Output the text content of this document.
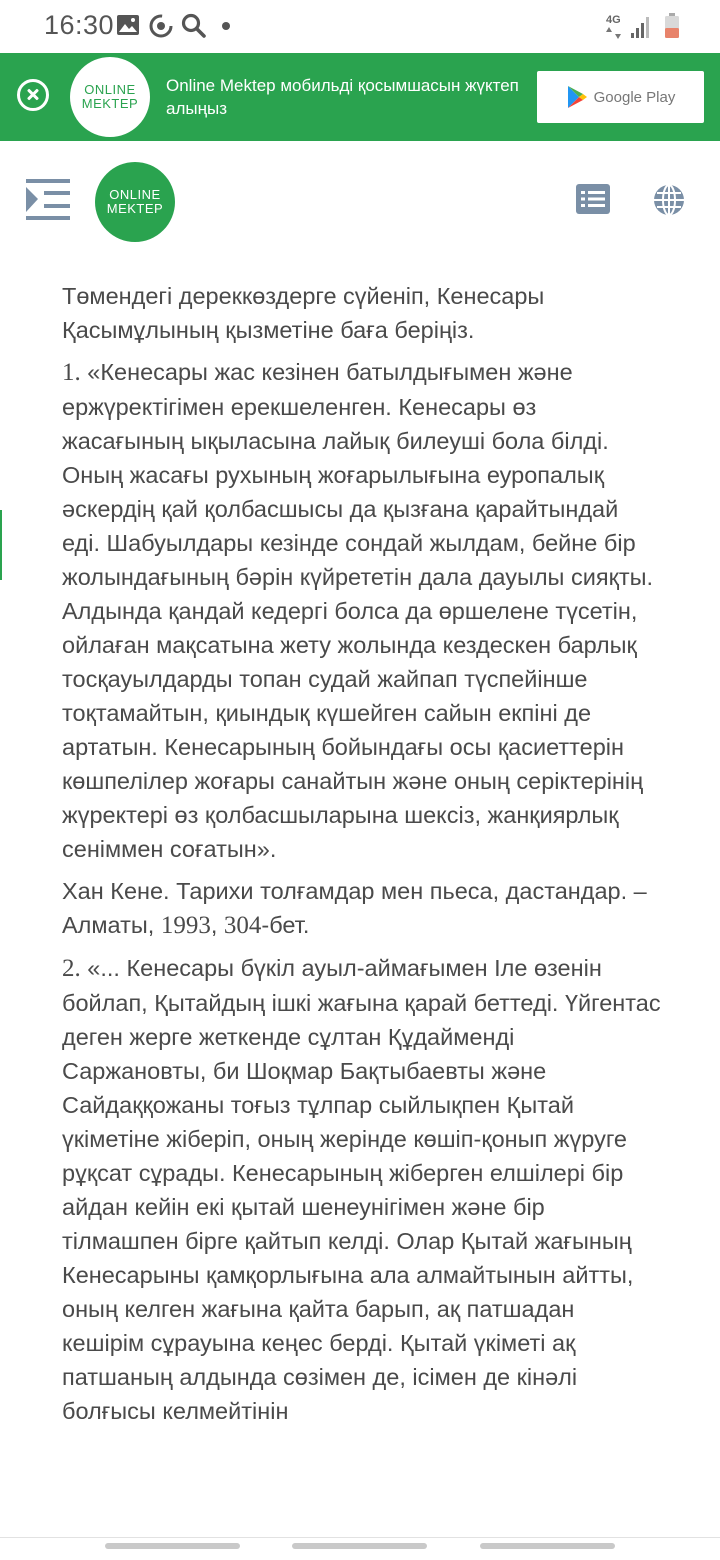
16:30	4G
ONLINE
MEKTEP
Online Mektep мобильді қосымшасын жүктеп алыңыз
Google Play
ONLINE
MEKTEP

Төмендегі дереккөздерге сүйеніп, Кенесары Қасымұлының қызметіне баға беріңіз.

1. «Кенесары жас кезінен батылдығымен және ержүректігімен ерекшеленген. Кенесары өз жасағының ықыласына лайық билеуші бола білді. Оның жасағы рухының жоғарылығына еуропалық әскердің қай қолбасшысы да қызғана қарайтындай еді. Шабуылдары кезінде сондай жылдам, бейне бір жолындағының бәрін күйрететін дала дауылы сияқты. Алдында қандай кедергі болса да өршелене түсетін, ойлаған мақсатына жету жолында кездескен барлық тосқауылдарды топан судай жайпап түспейінше тоқтамайтын, қиындық күшейген сайын екпіні де артатын. Кенесарының бойындағы осы қасиеттерін көшпелілер жоғары санайтын және оның серіктерінің жүректері өз қолбасшыларына шексіз, жанқиярлық сеніммен соғатын».

Хан Кене. Тарихи толғамдар мен пьеса, дастандар. – Алматы, 1993, 304-бет.

2. «... Кенесары бүкіл ауыл-аймағымен Іле өзенін бойлап, Қытайдың ішкі жағына қарай беттеді. Үйгентас деген жерге жеткенде сұлтан Құдайменді Саржановты, би Шоқмар Бақтыбаевты және Сайдаққожаны тоғыз тұлпар сыйлықпен Қытай үкіметіне жіберіп, оның жерінде көшіп-қонып жүруге рұқсат сұрады. Кенесарының жіберген елшілері бір айдан кейін екі қытай шенеунігімен және бір тілмашпен бірге қайтып келді. Олар Қытай жағының Кенесарыны қамқорлығына ала алмайтынын айтты, оның келген жағына қайта барып, ақ патшадан кешірім сұрауына кеңес берді. Қытай үкіметі ақ патшаның алдында сөзімен де, ісімен де кінәлі болғысы келмейтінін
